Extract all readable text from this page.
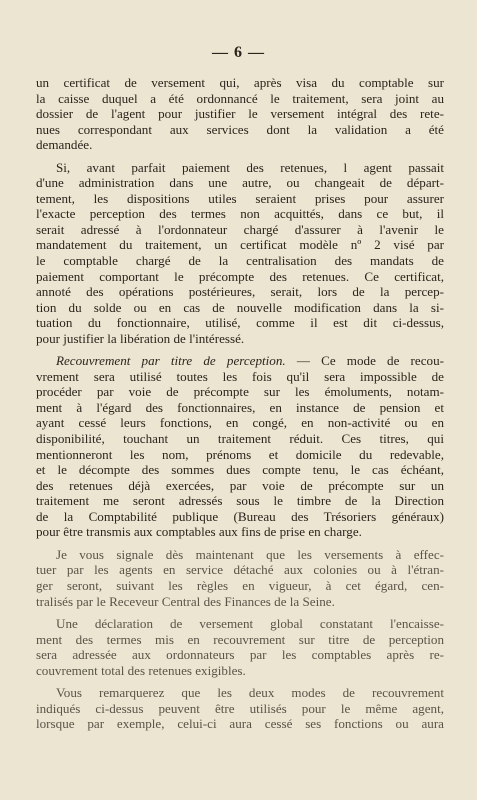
— 6 —
un certificat de versement qui, après visa du comptable sur
la caisse duquel a été ordonnancé le traitement, sera joint au
dossier de l'agent pour justifier le versement intégral des rete-
nues correspondant aux services dont la validation a été
demandée.
Si, avant parfait paiement des retenues, l agent passait
d'une administration dans une autre, ou changeait de départ-
tement, les dispositions utiles seraient prises pour assurer
l'exacte perception des termes non acquittés, dans ce but, il
serait adressé à l'ordonnateur chargé d'assurer à l'avenir le
mandatement du traitement, un certificat modèle nº 2 visé par
le comptable chargé de la centralisation des mandats de
paiement comportant le précompte des retenues. Ce certificat,
annoté des opérations postérieures, serait, lors de la percep-
tion du solde ou en cas de nouvelle modification dans la si-
tuation du fonctionnaire, utilisé, comme il est dit ci-dessus,
pour justifier la libération de l'intéressé.
Recouvrement par titre de perception. — Ce mode de recou-
vrement sera utilisé toutes les fois qu'il sera impossible de
procéder par voie de précompte sur les émoluments, notam-
ment à l'égard des fonctionnaires, en instance de pension et
ayant cessé leurs fonctions, en congé, en non-activité ou en
disponibilité, touchant un traitement réduit. Ces titres, qui
mentionneront les nom, prénoms et domicile du redevable,
et le décompte des sommes dues compte tenu, le cas échéant,
des retenues déjà exercées, par voie de précompte sur un
traitement me seront adressés sous le timbre de la Direction
de la Comptabilité publique (Bureau des Trésoriers généraux)
pour être transmis aux comptables aux fins de prise en charge.
Je vous signale dès maintenant que les versements à effec-
tuer par les agents en service détaché aux colonies ou à l'étran-
ger seront, suivant les règles en vigueur, à cet égard, cen-
tralisés par le Receveur Central des Finances de la Seine.
Une déclaration de versement global constatant l'encaisse-
ment des termes mis en recouvrement sur titre de perception
sera adressée aux ordonnateurs par les comptables après re-
couvrement total des retenues exigibles.
Vous remarquerez que les deux modes de recouvrement
indiqués ci-dessus peuvent être utilisés pour le même agent,
lorsque par exemple, celui-ci aura cessé ses fonctions ou aura
